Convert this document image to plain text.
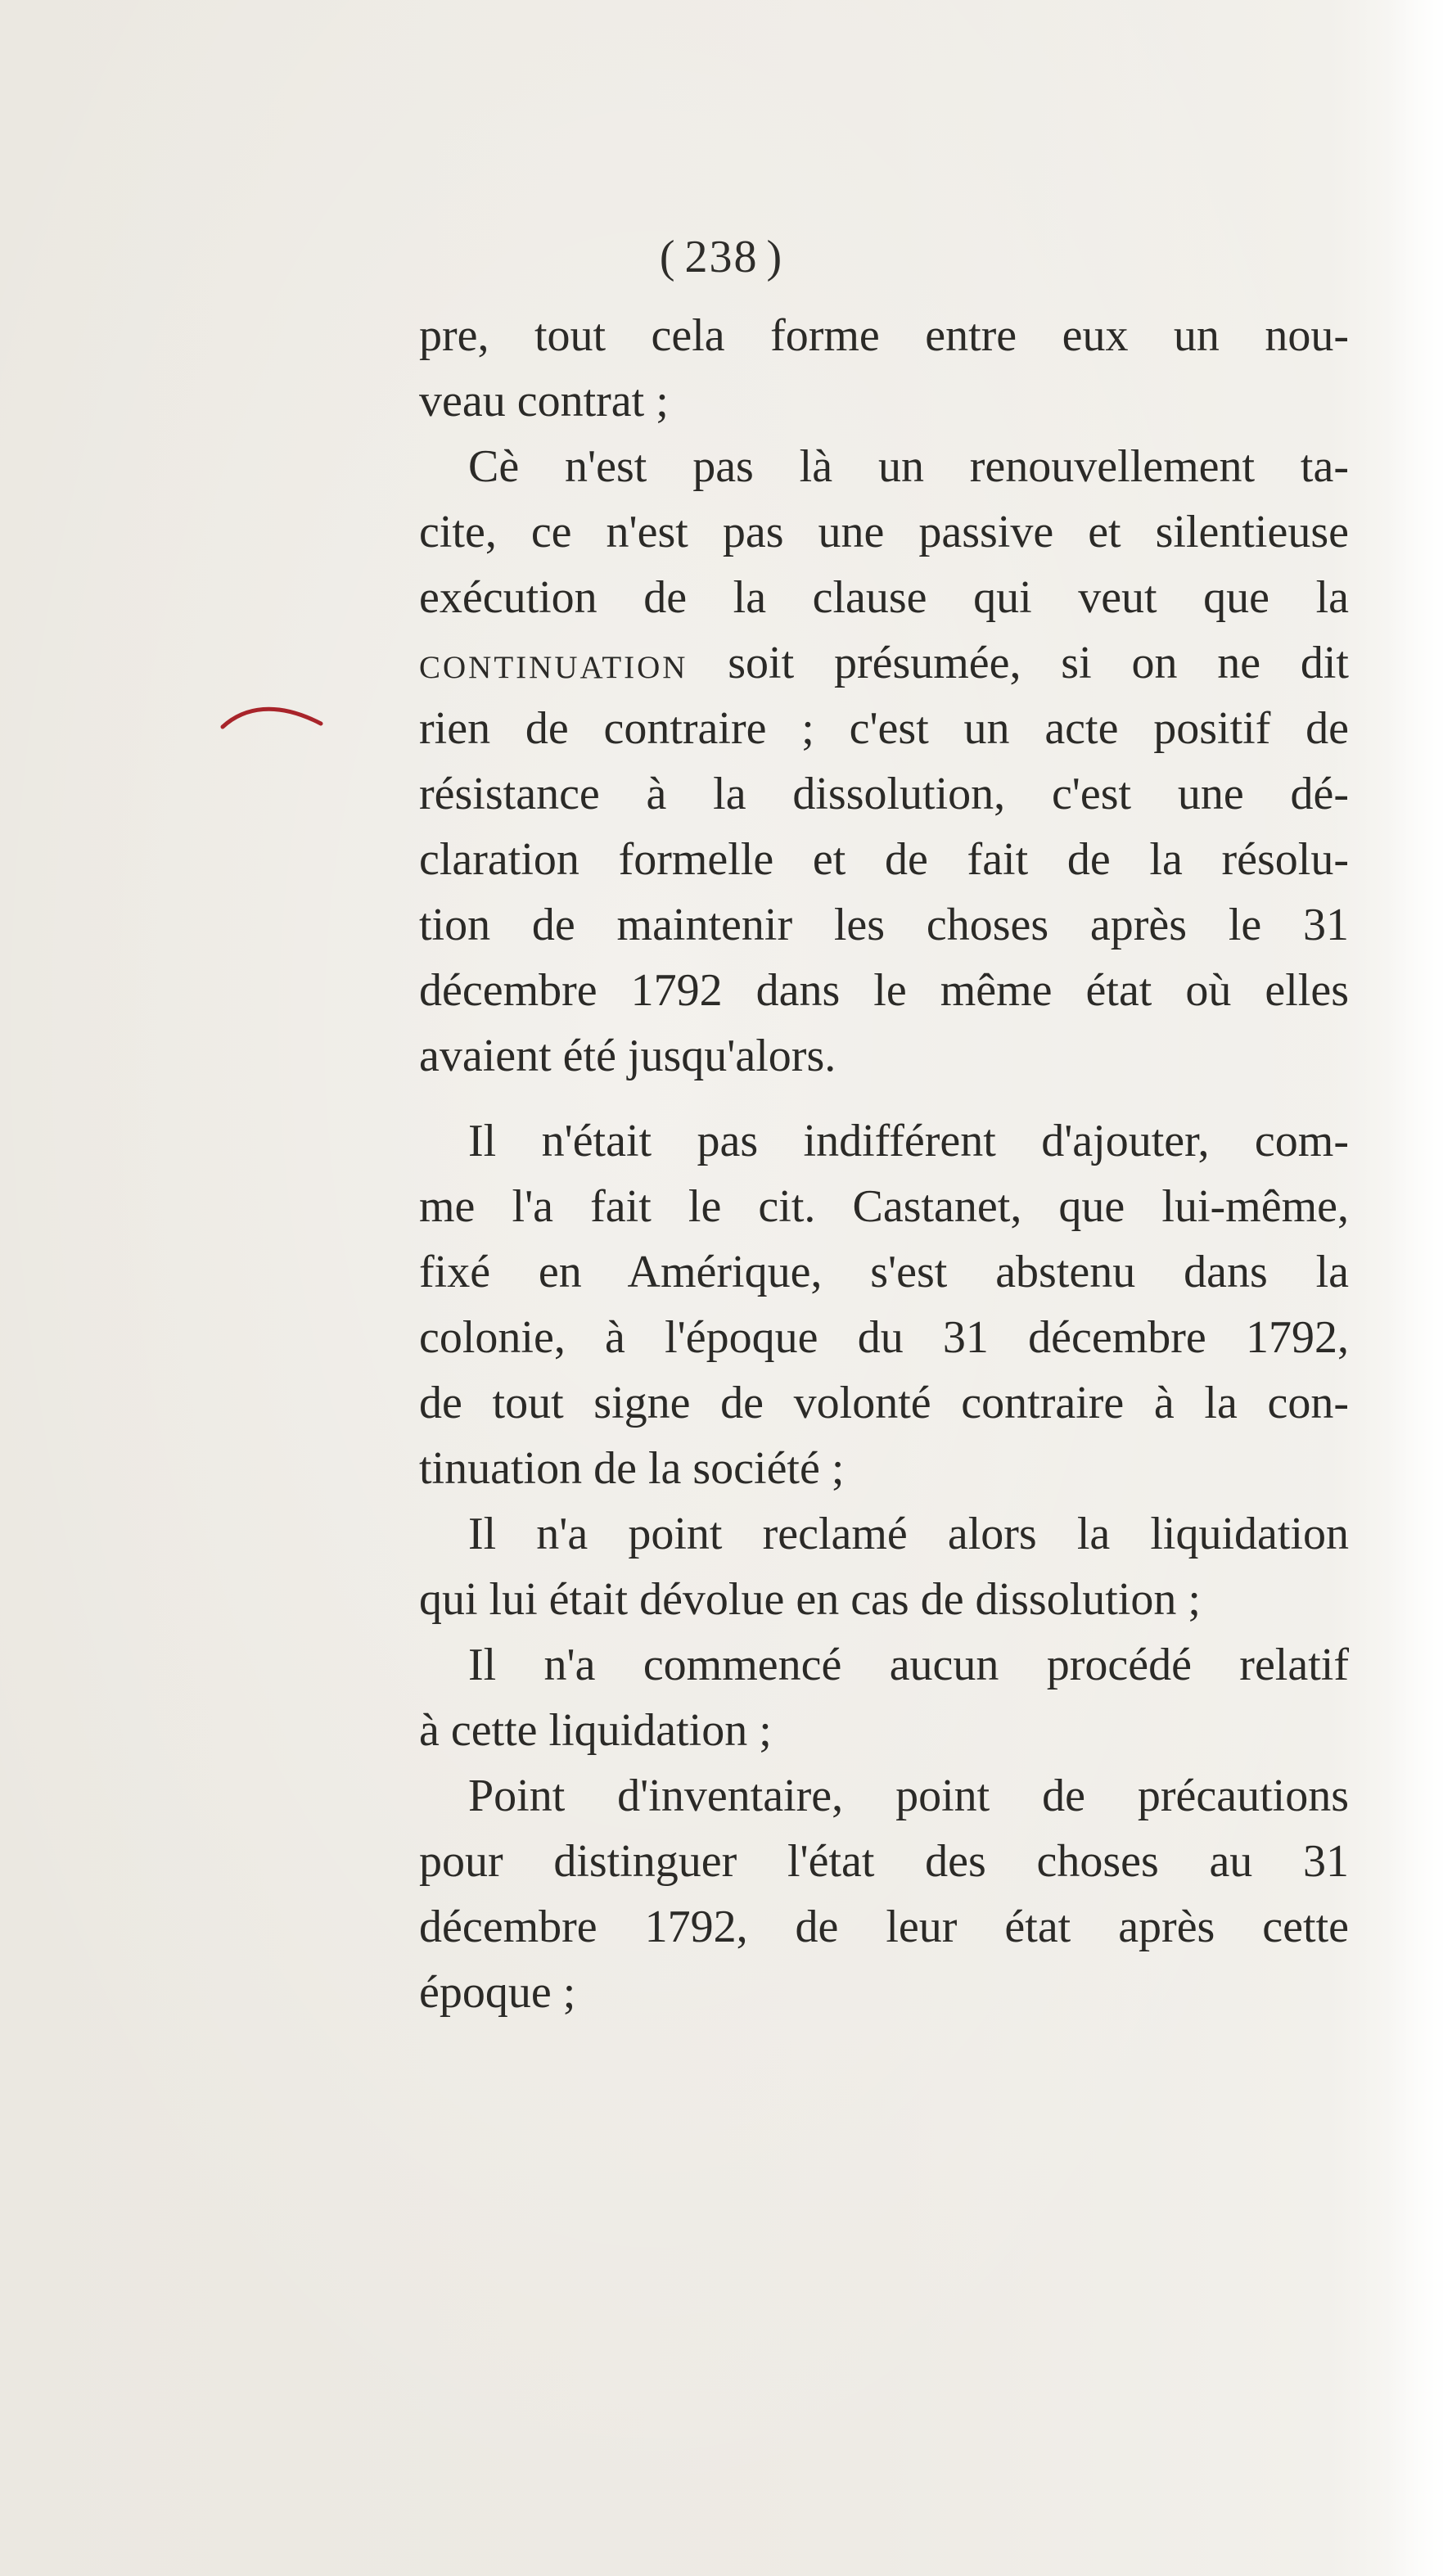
( 238 )
pre, tout cela forme entre eux un nou-
veau contrat ;
Cè n'est pas là un renouvellement ta-
cite, ce n'est pas une passive et silentieuse
exécution de la clause qui veut que la
continuation soit présumée, si on ne dit
rien de contraire ; c'est un acte positif de
résistance à la dissolution, c'est une dé-
claration formelle et de fait de la résolu-
tion de maintenir les choses après le 31
décembre 1792 dans le même état où elles
avaient été jusqu'alors.
Il n'était pas indifférent d'ajouter, com-
me l'a fait le cit. Castanet, que lui-même,
fixé en Amérique, s'est abstenu dans la
colonie, à l'époque du 31 décembre 1792,
de tout signe de volonté contraire à la con-
tinuation de la société ;
Il n'a point reclamé alors la liquidation
qui lui était dévolue en cas de dissolution ;
Il n'a commencé aucun procédé relatif
à cette liquidation ;
Point d'inventaire, point de précautions
pour distinguer l'état des choses au 31
décembre 1792, de leur état après cette
époque ;
